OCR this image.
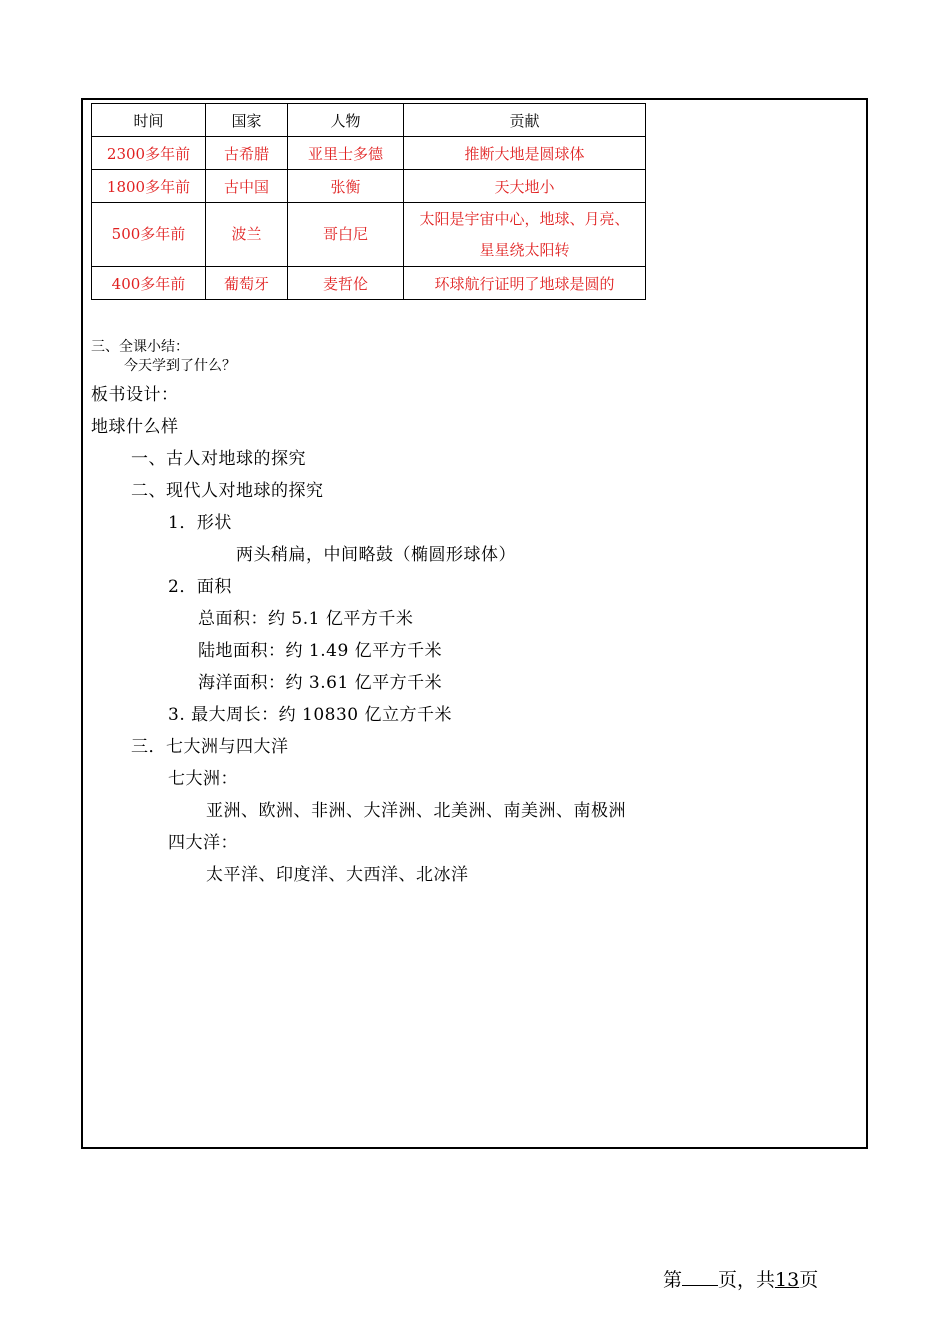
时间	国家	人物	贡献
2300多年前	古希腊	亚里士多德	推断大地是圆球体
1800多年前	古中国	张衡	天大地小
500多年前	波兰	哥白尼	太阳是宇宙中心，地球、月亮、
星星绕太阳转

400多年前	葡萄牙	麦哲伦	环球航行证明了地球是圆的
三、全课小结：
今天学到了什么？
板书设计：
地球什么样
一、古人对地球的探究
二、现代人对地球的探究
1．形状
两头稍扁，中间略鼓（椭圆形球体）
2．面积
总面积：约 5.1 亿平方千米
陆地面积：约 1.49 亿平方千米
海洋面积：约 3.61 亿平方千米
3. 最大周长：约 10830 亿立方千米
三．七大洲与四大洋
七大洲：
亚洲、欧洲、非洲、大洋洲、北美洲、南美洲、南极洲
四大洋：
太平洋、印度洋、大西洋、北冰洋
第 页，共13页
